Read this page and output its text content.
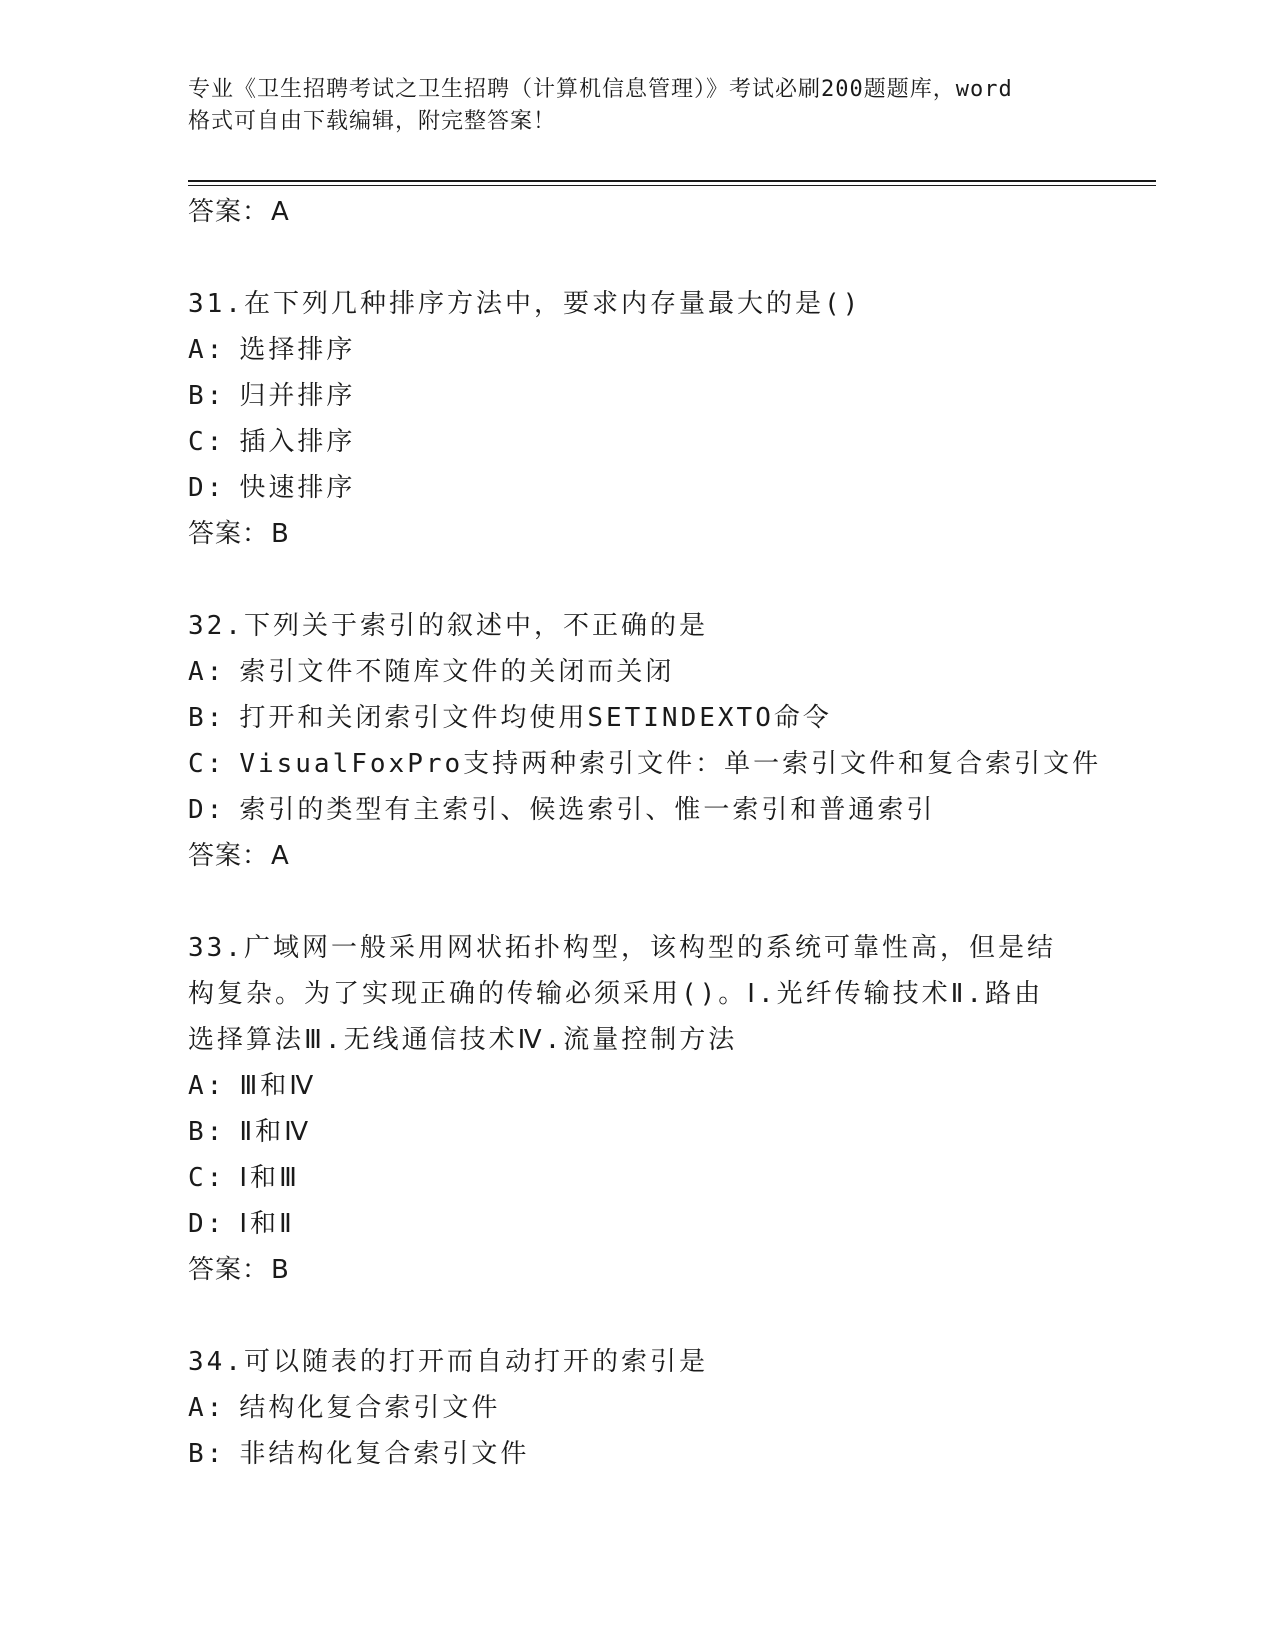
专业《卫生招聘考试之卫生招聘（计算机信息管理）》考试必刷200题题库，word
格式可自由下载编辑，附完整答案！
答案：A
31.在下列几种排序方法中，要求内存量最大的是()
A: 选择排序
B: 归并排序
C: 插入排序
D: 快速排序
答案：B
32.下列关于索引的叙述中，不正确的是
A: 索引文件不随库文件的关闭而关闭
B: 打开和关闭索引文件均使用SETINDEXTO命令
C: VisualFoxPro支持两种索引文件：单一索引文件和复合索引文件
D: 索引的类型有主索引、候选索引、惟一索引和普通索引
答案：A
33.广域网一般采用网状拓扑构型，该构型的系统可靠性高，但是结构复杂。为了实现正确的传输必须采用()。Ⅰ.光纤传输技术Ⅱ.路由选择算法Ⅲ.无线通信技术Ⅳ.流量控制方法
A: Ⅲ和Ⅳ
B: Ⅱ和Ⅳ
C: Ⅰ和Ⅲ
D: Ⅰ和Ⅱ
答案：B
34.可以随表的打开而自动打开的索引是
A: 结构化复合索引文件
B: 非结构化复合索引文件
